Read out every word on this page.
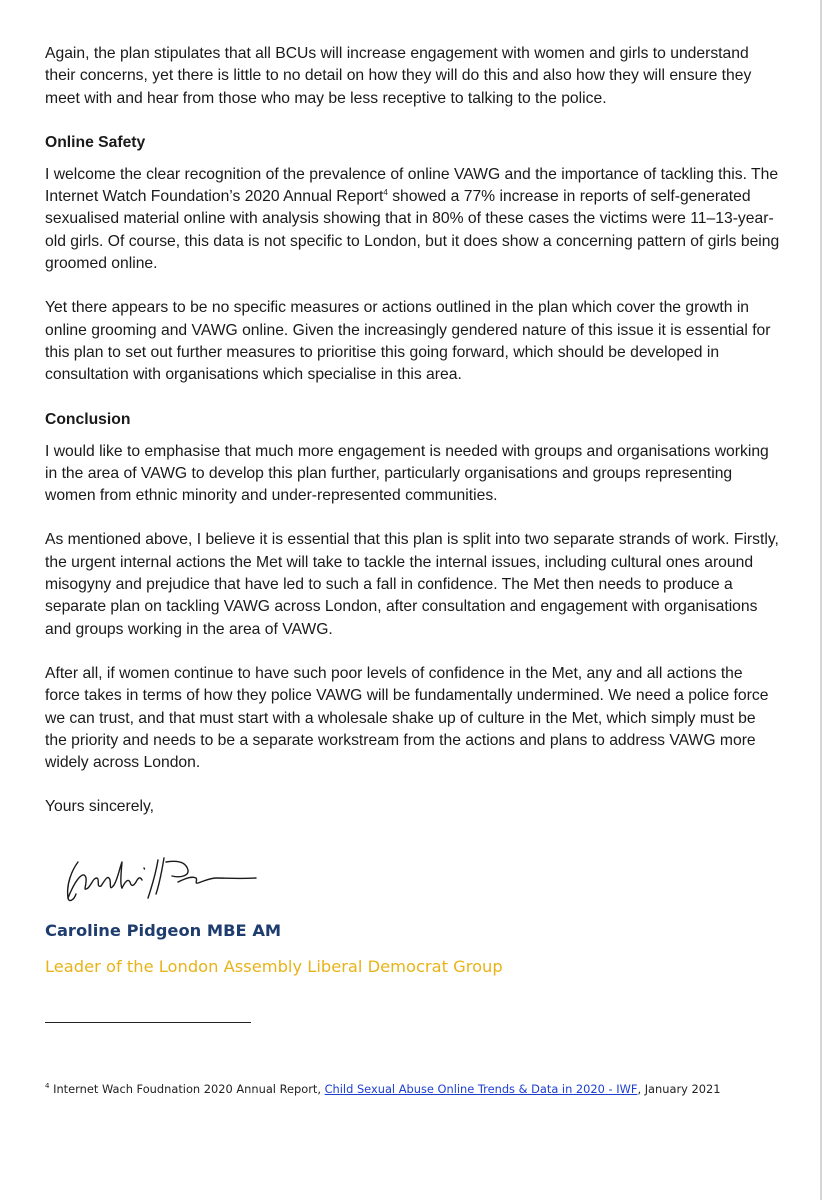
Again, the plan stipulates that all BCUs will increase engagement with women and girls to understand their concerns, yet there is little to no detail on how they will do this and also how they will ensure they meet with and hear from those who may be less receptive to talking to the police.

Online Safety

I welcome the clear recognition of the prevalence of online VAWG and the importance of tackling this. The Internet Watch Foundation’s 2020 Annual Report$^4$ showed a 77% increase in reports of self-generated sexualised material online with analysis showing that in 80% of these cases the victims were 11–13-year-old girls. Of course, this data is not specific to London, but it does show a concerning pattern of girls being groomed online.

Yet there appears to be no specific measures or actions outlined in the plan which cover the growth in online grooming and VAWG online. Given the increasingly gendered nature of this issue it is essential for this plan to set out further measures to prioritise this going forward, which should be developed in consultation with organisations which specialise in this area.

Conclusion

I would like to emphasise that much more engagement is needed with groups and organisations working in the area of VAWG to develop this plan further, particularly organisations and groups representing women from ethnic minority and under-represented communities.

As mentioned above, I believe it is essential that this plan is split into two separate strands of work. Firstly, the urgent internal actions the Met will take to tackle the internal issues, including cultural ones around misogyny and prejudice that have led to such a fall in confidence. The Met then needs to produce a separate plan on tackling VAWG across London, after consultation and engagement with organisations and groups working in the area of VAWG.

After all, if women continue to have such poor levels of confidence in the Met, any and all actions the force takes in terms of how they police VAWG will be fundamentally undermined. We need a police force we can trust, and that must start with a wholesale shake up of culture in the Met, which simply must be the priority and needs to be a separate workstream from the actions and plans to address VAWG more widely across London.

Yours sincerely,

Caroline Pidgeon MBE AM
Leader of the London Assembly Liberal Democrat Group
$^4$ Internet Wach Foudnation 2020 Annual Report, Child Sexual Abuse Online Trends & Data in 2020 - IWF, January 2021
